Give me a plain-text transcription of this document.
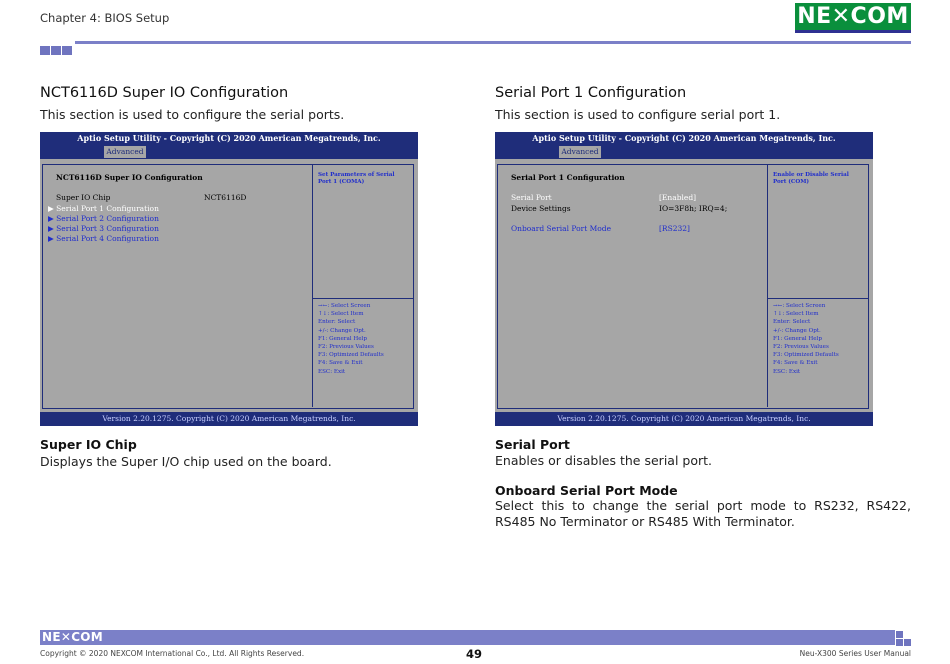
Chapter 4: BIOS Setup	NE✕COM
NCT6116D Super IO Configuration
This section is used to configure the serial ports.
Aptio Setup Utility - Copyright (C) 2020 American Megatrends, Inc.
Advanced
NCT6116D Super IO Configuration
Super IO Chip	NCT6116D
▶ Serial Port 1 Configuration
▶ Serial Port 2 Configuration
▶ Serial Port 3 Configuration
▶ Serial Port 4 Configuration
Set Parameters of Serial Port 1 (COMA)
→←: Select Screen
↑↓: Select Item
Enter: Select
+/-: Change Opt.
F1: General Help
F2: Previous Values
F3: Optimized Defaults
F4: Save & Exit
ESC: Exit
Version 2.20.1275. Copyright (C) 2020 American Megatrends, Inc.
Super IO Chip
Displays the Super I/O chip used on the board.
Serial Port 1 Configuration
This section is used to configure serial port 1.
Aptio Setup Utility - Copyright (C) 2020 American Megatrends, Inc.
Advanced
Serial Port 1 Configuration
Serial Port	[Enabled]
Device Settings	IO=3F8h; IRQ=4;
Onboard Serial Port Mode	[RS232]
Enable or Disable Serial Port (COM)
→←: Select Screen
↑↓: Select Item
Enter: Select
+/-: Change Opt.
F1: General Help
F2: Previous Values
F3: Optimized Defaults
F4: Save & Exit
ESC: Exit
Version 2.20.1275. Copyright (C) 2020 American Megatrends, Inc.
Serial Port
Enables or disables the serial port.
Onboard Serial Port Mode
Select this to change the serial port mode to RS232, RS422, RS485 No Terminator or RS485 With Terminator.
NE✕COM
Copyright © 2020 NEXCOM International Co., Ltd. All Rights Reserved.	49	Neu-X300 Series User Manual
